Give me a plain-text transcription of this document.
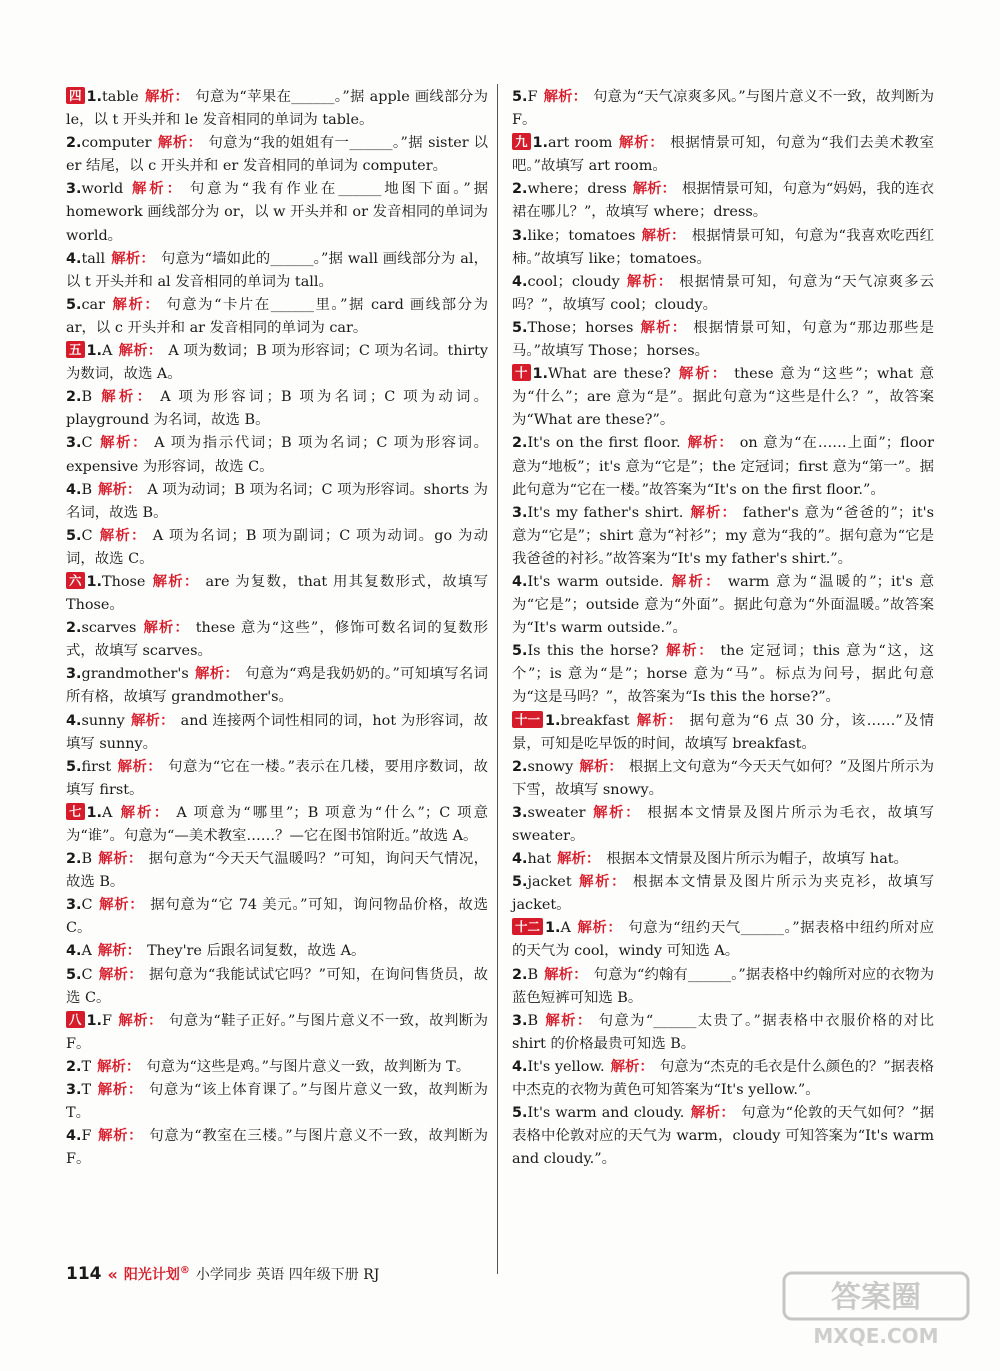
四 1.table 解析： 句意为“苹果在______。”据 apple 画线部分为 le，以 t 开头并和 le 发音相同的单词为 table。

2.computer 解析： 句意为“我的姐姐有一______。”据 sister 以 er 结尾，以 c 开头并和 er 发音相同的单词为 computer。

3.world 解析： 句意为“我有作业在______地图下面。”据 homework 画线部分为 or，以 w 开头并和 or 发音相同的单词为 world。

4.tall 解析： 句意为“墙如此的______。”据 wall 画线部分为 al，以 t 开头并和 al 发音相同的单词为 tall。

5.car 解析： 句意为“卡片在______里。”据 card 画线部分为 ar，以 c 开头并和 ar 发音相同的单词为 car。

五 1.A 解析： A 项为数词；B 项为形容词；C 项为名词。thirty 为数词，故选 A。

2.B 解析： A 项为形容词；B 项为名词；C 项为动词。playground 为名词，故选 B。

3.C 解析： A 项为指示代词；B 项为名词；C 项为形容词。expensive 为形容词，故选 C。

4.B 解析： A 项为动词；B 项为名词；C 项为形容词。shorts 为名词，故选 B。

5.C 解析： A 项为名词；B 项为副词；C 项为动词。go 为动词，故选 C。

六 1.Those 解析： are 为复数，that 用其复数形式，故填写 Those。

2.scarves 解析： these 意为“这些”，修饰可数名词的复数形式，故填写 scarves。

3.grandmother's 解析： 句意为“鸡是我奶奶的。”可知填写名词所有格，故填写 grandmother's。

4.sunny 解析： and 连接两个词性相同的词，hot 为形容词，故填写 sunny。

5.first 解析： 句意为“它在一楼。”表示在几楼，要用序数词，故填写 first。

七 1.A 解析： A 项意为“哪里”；B 项意为“什么”；C 项意为“谁”。句意为“—美术教室……？—它在图书馆附近。”故选 A。

2.B 解析： 据句意为“今天天气温暖吗？”可知，询问天气情况，故选 B。

3.C 解析： 据句意为“它 74 美元。”可知，询问物品价格，故选 C。

4.A 解析： They're 后跟名词复数，故选 A。

5.C 解析： 据句意为“我能试试它吗？”可知，在询问售货员，故选 C。

八 1.F 解析： 句意为“鞋子正好。”与图片意义不一致，故判断为 F。

2.T 解析： 句意为“这些是鸡。”与图片意义一致，故判断为 T。

3.T 解析： 句意为“该上体育课了。”与图片意义一致，故判断为 T。

4.F 解析： 句意为“教室在三楼。”与图片意义不一致，故判断为 F。

5.F 解析： 句意为“天气凉爽多风。”与图片意义不一致，故判断为 F。

九 1.art room 解析： 根据情景可知，句意为“我们去美术教室吧。”故填写 art room。

2.where；dress 解析： 根据情景可知，句意为“妈妈，我的连衣裙在哪儿？”，故填写 where；dress。

3.like；tomatoes 解析： 根据情景可知，句意为“我喜欢吃西红柿。”故填写 like；tomatoes。

4.cool；cloudy 解析： 根据情景可知，句意为“天气凉爽多云吗？”，故填写 cool；cloudy。

5.Those；horses 解析： 根据情景可知，句意为“那边那些是马。”故填写 Those；horses。

十 1.What are these? 解析： these 意为“这些”；what 意为“什么”；are 意为“是”。据此句意为“这些是什么？”，故答案为“What are these?”。

2.It's on the first floor. 解析： on 意为“在……上面”；floor 意为“地板”；it's 意为“它是”；the 定冠词；first 意为“第一”。据此句意为“它在一楼。”故答案为“It's on the first floor.”。

3.It's my father's shirt. 解析： father's 意为“爸爸的”；it's 意为“它是”；shirt 意为“衬衫”；my 意为“我的”。据句意为“它是我爸爸的衬衫。”故答案为“It's my father's shirt.”。

4.It's warm outside. 解析： warm 意为“温暖的”；it's 意为“它是”；outside 意为“外面”。据此句意为“外面温暖。”故答案为“It's warm outside.”。

5.Is this the horse? 解析： the 定冠词；this 意为“这，这个”；is 意为“是”；horse 意为“马”。标点为问号，据此句意为“这是马吗？”，故答案为“Is this the horse?”。

十一 1.breakfast 解析： 据句意为“6 点 30 分，该……”及情景，可知是吃早饭的时间，故填写 breakfast。

2.snowy 解析： 根据上文句意为“今天天气如何？”及图片所示为下雪，故填写 snowy。

3.sweater 解析： 根据本文情景及图片所示为毛衣，故填写 sweater。

4.hat 解析： 根据本文情景及图片所示为帽子，故填写 hat。

5.jacket 解析： 根据本文情景及图片所示为夹克衫，故填写 jacket。

十二 1.A 解析： 句意为“纽约天气______。”据表格中纽约所对应的天气为 cool，windy 可知选 A。

2.B 解析： 句意为“约翰有______。”据表格中约翰所对应的衣物为蓝色短裤可知选 B。

3.B 解析： 句意为“______太贵了。”据表格中衣服价格的对比 shirt 的价格最贵可知选 B。

4.It's yellow. 解析： 句意为“杰克的毛衣是什么颜色的？”据表格中杰克的衣物为黄色可知答案为“It's yellow.”。

5.It's warm and cloudy. 解析： 句意为“伦敦的天气如何？”据表格中伦敦对应的天气为 warm，cloudy 可知答案为“It's warm and cloudy.”。

114 « 阳光计划® 小学同步 英语 四年级下册 RJ
答案圈
MXQE.COM
